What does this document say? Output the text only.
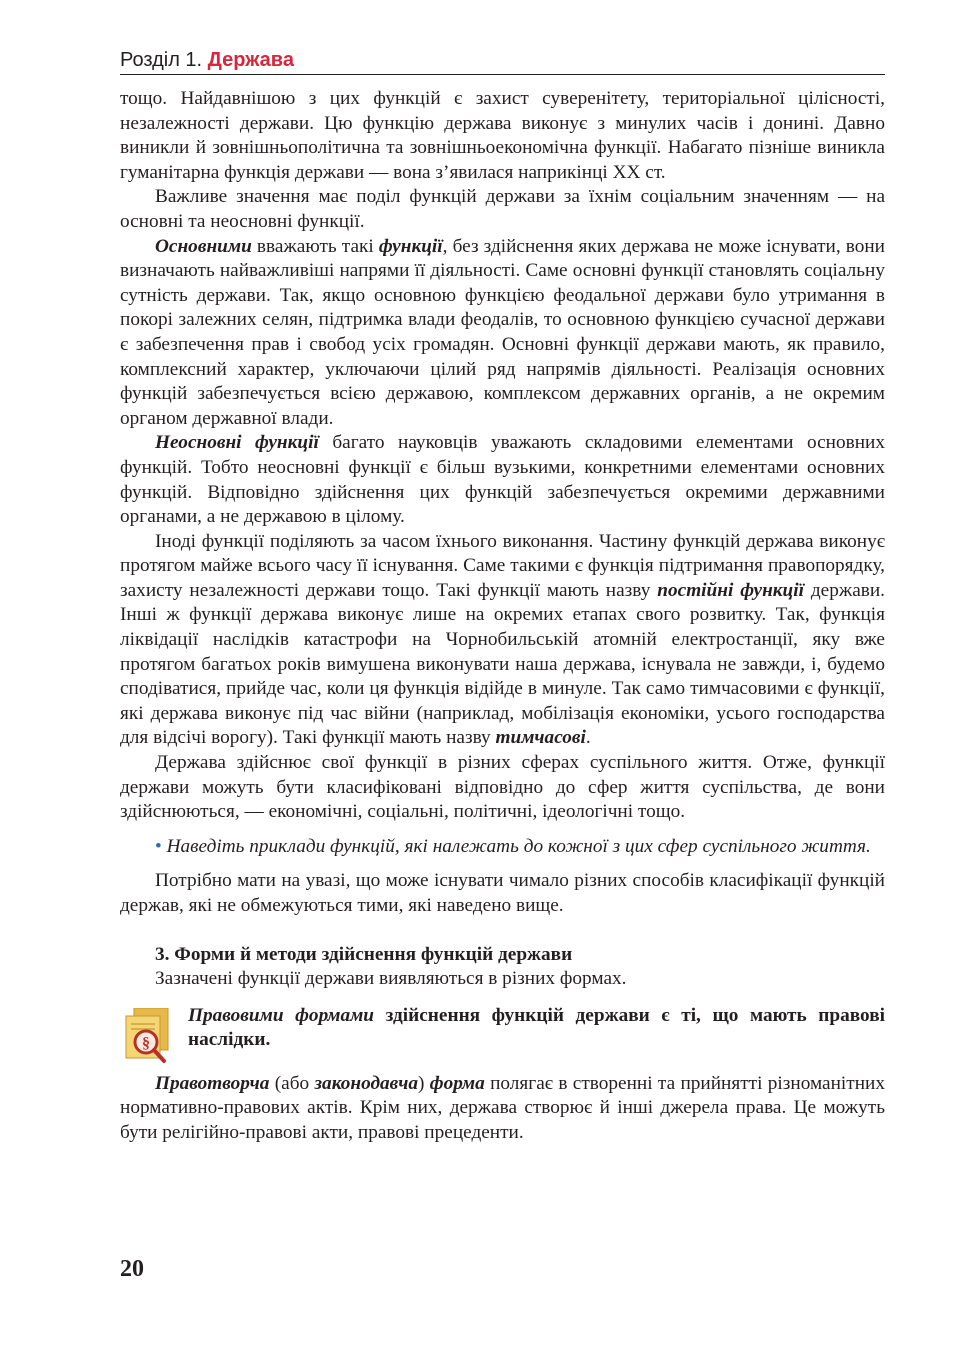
Розділ 1. Держава

тощо. Найдавнішою з цих функцій є захист суверенітету, територіальної цілісності, незалежності держави. Цю функцію держава виконує з минулих часів і донині. Давно виникли й зовнішньополітична та зовнішньоекономічна функції. Набагато пізніше виникла гуманітарна функція держави — вона з’явилася наприкінці XX ст.

Важливе значення має поділ функцій держави за їхнім соціальним значенням — на основні та неосновні функції.

Основними вважають такі функції, без здійснення яких держава не може існувати, вони визначають найважливіші напрями її діяльності. Саме основні функції становлять соціальну сутність держави. Так, якщо основною функцією феодальної держави було утримання в покорі залежних селян, підтримка влади феодалів, то основною функцією сучасної держави є забезпечення прав і свобод усіх громадян. Основні функції держави мають, як правило, комплексний характер, уключаючи цілий ряд напрямів діяльності. Реалізація основних функцій забезпечується всією державою, комплексом державних органів, а не окремим органом державної влади.

Неосновні функції багато науковців уважають складовими елементами основних функцій. Тобто неосновні функції є більш вузькими, конкретними елементами основних функцій. Відповідно здійснення цих функцій забезпечується окремими державними органами, а не державою в цілому.

Іноді функції поділяють за часом їхнього виконання. Частину функцій держава виконує протягом майже всього часу її існування. Саме такими є функція підтримання правопорядку, захисту незалежності держави тощо. Такі функції мають назву постійні функції держави. Інші ж функції держава виконує лише на окремих етапах свого розвитку. Так, функція ліквідації наслідків катастрофи на Чорнобильській атомній електростанції, яку вже протягом багатьох років вимушена виконувати наша держава, існувала не завжди, і, будемо сподіватися, прийде час, коли ця функція відійде в минуле. Так само тимчасовими є функції, які держава виконує під час війни (наприклад, мобілізація економіки, усього господарства для відсічі ворогу). Такі функції мають назву тимчасові.

Держава здійснює свої функції в різних сферах суспільного життя. Отже, функції держави можуть бути класифіковані відповідно до сфер життя суспільства, де вони здійснюються, — економічні, соціальні, політичні, ідеологічні тощо.

• Наведіть приклади функцій, які належать до кожної з цих сфер суспільного життя.

Потрібно мати на увазі, що може існувати чимало різних способів класифікації функцій держав, які не обмежуються тими, які наведено вище.

3. Форми й методи здійснення функцій держави

Зазначені функції держави виявляються в різних формах.

§

Правовими формами здійснення функцій держави є ті, що мають правові наслідки.

Правотворча (або законодавча) форма полягає в створенні та прийнятті різноманітних нормативно-правових актів. Крім них, держава створює й інші джерела права. Це можуть бути релігійно-правові акти, правові прецеденти.

20
